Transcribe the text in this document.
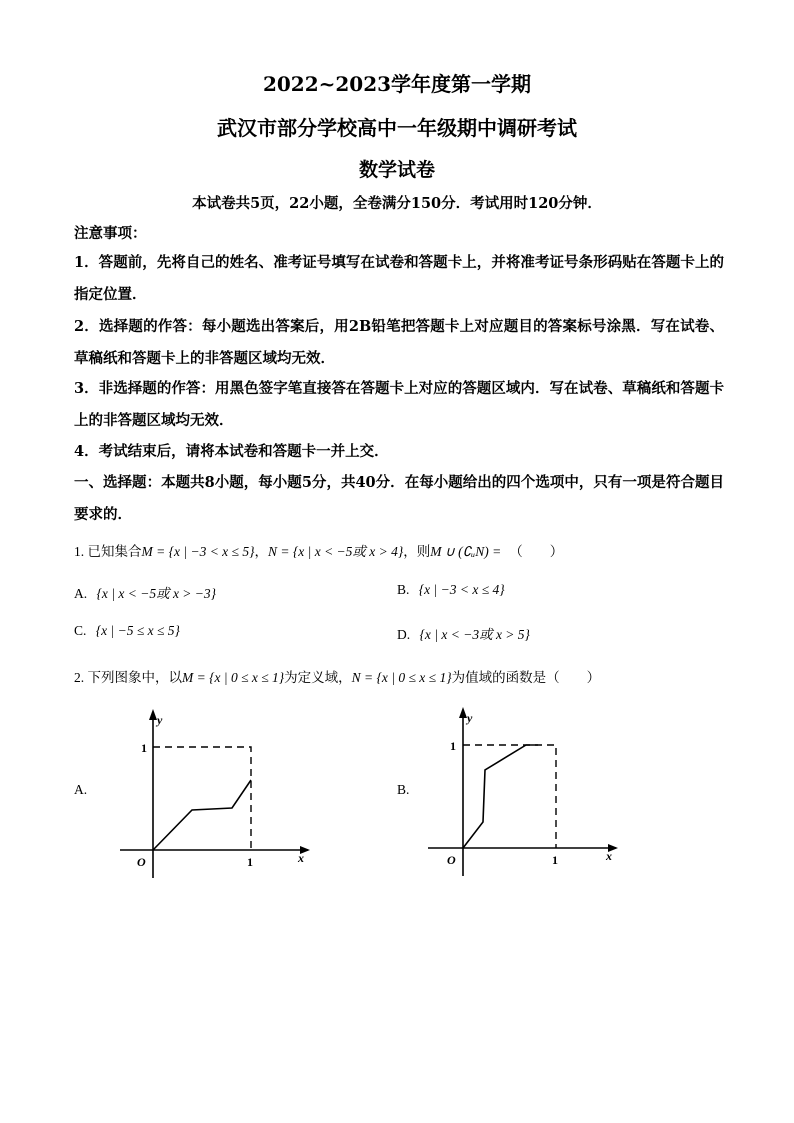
2022~2023学年度第一学期
武汉市部分学校高中一年级期中调研考试
数学试卷
本试卷共5页，22小题，全卷满分150分．考试用时120分钟．
注意事项：
1．答题前，先将自己的姓名、准考证号填写在试卷和答题卡上，并将准考证号条形码贴在答题卡上的指定位置．
2．选择题的作答：每小题选出答案后，用2B铅笔把答题卡上对应题目的答案标号涂黑．写在试卷、草稿纸和答题卡上的非答题区域均无效．
3．非选择题的作答：用黑色签字笔直接答在答题卡上对应的答题区域内．写在试卷、草稿纸和答题卡上的非答题区域均无效．
4．考试结束后，请将本试卷和答题卡一并上交．
一、选择题：本题共8小题，每小题5分，共40分．在每小题给出的四个选项中，只有一项是符合题目要求的．
1. 已知集合M = {x | −3 < x ≤ 5}，N = {x | x < −5或 x > 4}，则M ∪ (∁ᵤN) = （　　）
A. {x | x < −5或 x > −3}	B. {x | −3 < x ≤ 4}
C. {x | −5 ≤ x ≤ 5}	D. {x | x < −3或 x > 5}
2. 下列图象中，以M = {x | 0 ≤ x ≤ 1}为定义域，N = {x | 0 ≤ x ≤ 1}为值域的函数是（　　）
A.	B.
y
1
O	1	x
y
1
O	1	x
